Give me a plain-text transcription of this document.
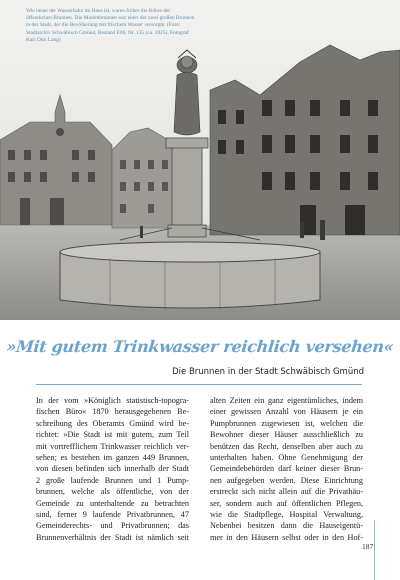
Wie heute der Wasserhahn im Haus ist, waren früher die Röhre der öffentlichen Brunnen. Die Marienbrunnen war einer der zwei großen Brunnen in der Stadt, der die Bevölkerung mit frischem Wasser versorgte. (Foto: Stadtarchiv Schwäbisch Gmünd, Bestand E06, Nr. 135 (ca. 1925), Fotograf Karl Otto Lang)

»Mit gutem Trinkwasser reichlich versehen«
Die Brunnen in der Stadt Schwäbisch Gmünd
In der vom »Königlich statistisch-topogra-
fischen Büro« 1870 herausgegebenen Be-
schreibung des Oberamts Gmünd wird be-
richtet: »Die Stadt ist mit gutem, zum Teil
mit vortrefflichem Trinkwasser reichlich ver-
sehen; es bestehen im ganzen 449 Brunnen,
von diesen befinden sich innerhalb der Stadt
2 große laufende Brunnen und 1 Pump-
brunnen, welche als öffentliche, von der
Gemeinde zu unterhaltende zu betrachten
sind, ferner 9 laufende Privatbrunnen, 47
Gemeinderechts- und Privatbrunnen; das
Brunnenverhältnis der Stadt ist nämlich seit
alten Zeiten ein ganz eigentümliches, indem
einer gewissen Anzahl von Häusern je ein
Pumpbrunnen zugewiesen ist, welchen die
Bewohner dieser Häuser ausschließlich zu
benützen das Recht, denselben aber auch zu
unterhalten haben. Ohne Genehmigung der
Gemeindebehörden darf keiner dieser Brun-
nen aufgegeben werden. Diese Einrichtung
erstreckt sich nicht allein auf die Privathäu-
ser, sondern auch auf öffentlichen Pflegen,
wie die Stadtpflege, Hospital Verwaltung,
Nebenbei besitzen dann die Hauseigentü-
mer in den Häusern selbst oder in den Hof-
187
